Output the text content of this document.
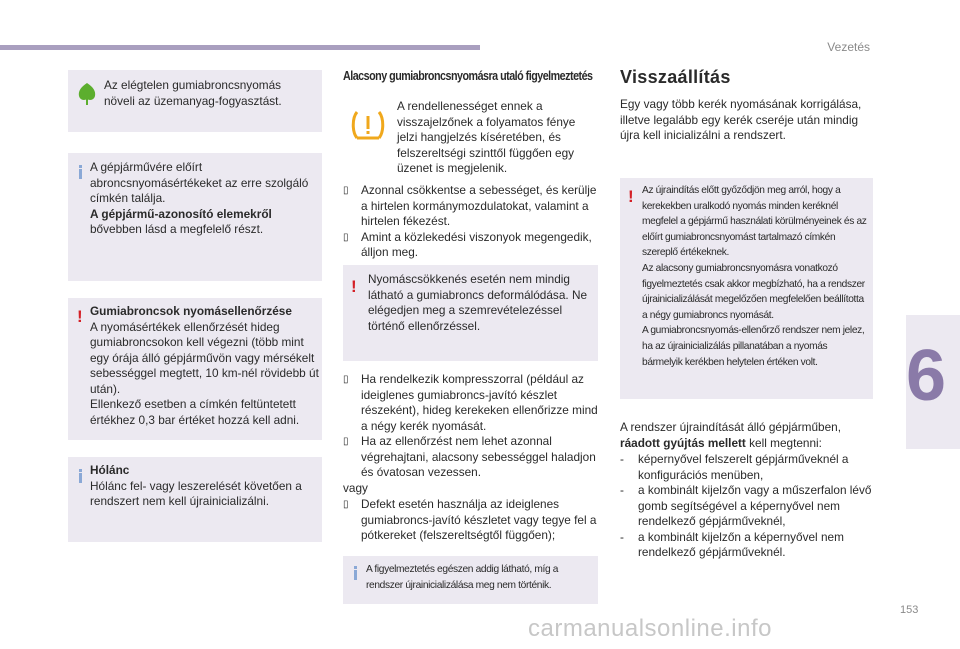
Vezetés
6
Az elégtelen gumiabroncsnyomás növeli az üzemanyag-fogyasztást.
A gépjárművére előírt abroncsnyomásértékeket az erre szolgáló címkén találja.
A gépjármű-azonosító elemekről
bővebben lásd a megfelelő részt.
! Gumiabroncsok nyomásellenőrzése
A nyomásértékek ellenőrzését hideg gumiabroncsokon kell végezni (több mint egy órája álló gépjárművön vagy mérsékelt sebességgel megtett, 10 km-nél rövidebb út után).
Ellenkező esetben a címkén feltüntetett értékhez 0,3 bar értéket hozzá kell adni.
Hólánc
Hólánc fel- vagy leszerelését követően a rendszert nem kell újrainicializálni.
Alacsony gumiabroncsnyomásra utaló figyelmeztetés
A rendellenességet ennek a visszajelzőnek a folyamatos fénye jelzi hangjelzés kíséretében, és felszereltségi szinttől függően egy üzenet is megjelenik.
▯ Azonnal csökkentse a sebességet, és kerülje a hirtelen kormánymozdulatokat, valamint a hirtelen fékezést.
▯ Amint a közlekedési viszonyok megengedik, álljon meg.
! Nyomáscsökkenés esetén nem mindig látható a gumiabroncs deformálódása. Ne elégedjen meg a szemrevételezéssel történő ellenőrzéssel.
▯ Ha rendelkezik kompresszorral (például az ideiglenes gumiabroncs-javító készlet részeként), hideg kerekeken ellenőrizze mind a négy kerék nyomását.
▯ Ha az ellenőrzést nem lehet azonnal végrehajtani, alacsony sebességgel haladjon és óvatosan vezessen.
vagy
▯ Defekt esetén használja az ideiglenes gumiabroncs-javító készletet vagy tegye fel a pótkereket (felszereltségtől függően);
A figyelmeztetés egészen addig látható, míg a rendszer újrainicializálása meg nem történik.
Visszaállítás
Egy vagy több kerék nyomásának korrigálása, illetve legalább egy kerék cseréje után mindig újra kell inicializálni a rendszert.
! Az újraindítás előtt győződjön meg arról, hogy a kerekekben uralkodó nyomás minden keréknél megfelel a gépjármű használati körülményeinek és az előírt gumiabroncsnyomást tartalmazó címkén szereplő értékeknek.
Az alacsony gumiabroncsnyomásra vonatkozó figyelmeztetés csak akkor megbízható, ha a rendszer újrainicializálását megelőzően megfelelően beállította a négy gumiabroncs nyomását.
A gumiabroncsnyomás-ellenőrző rendszer nem jelez, ha az újrainicializálás pillanatában a nyomás bármelyik kerékben helytelen értéken volt.
A rendszer újraindítását álló gépjárműben,
ráadott gyújtás mellett kell megtenni:
- képernyővel felszerelt gépjárműveknél a konfigurációs menüben,
- a kombinált kijelzőn vagy a műszerfalon lévő gomb segítségével a képernyővel nem rendelkező gépjárműveknél,
- a kombinált kijelzőn a képernyővel nem rendelkező gépjárműveknél.
153
carmanualsonline.info
